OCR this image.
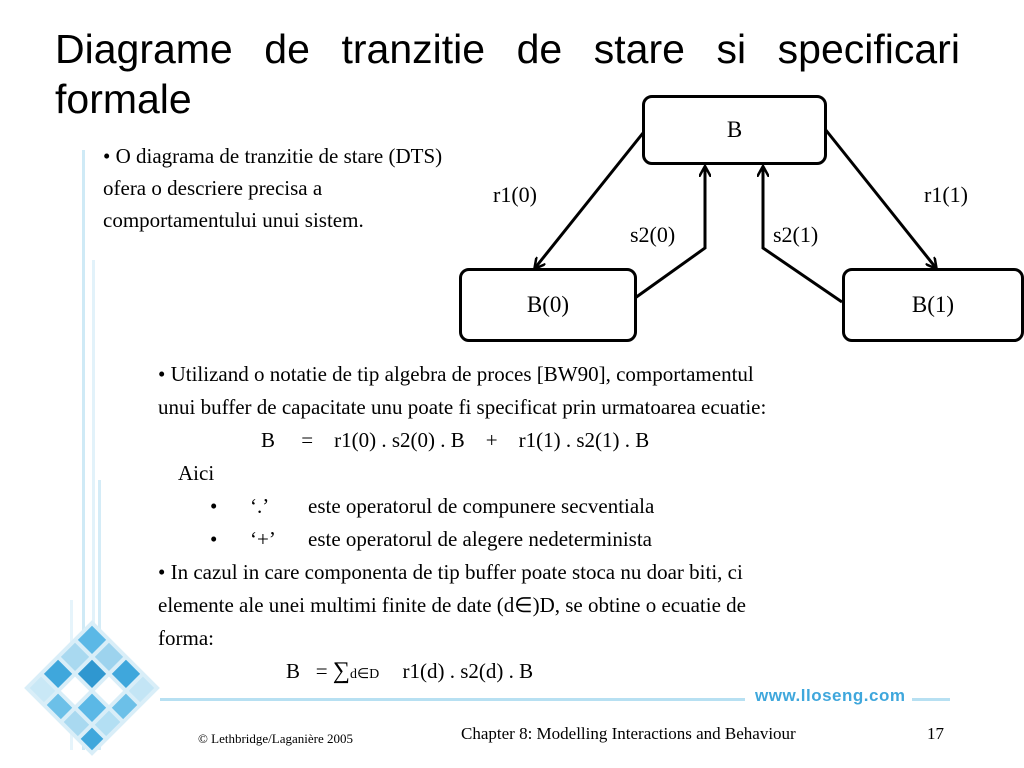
Diagrame de tranzitie de stare si specificari
formale
• O diagrama de tranzitie de stare (DTS) ofera o descriere precisa a comportamentului unui sistem.
B
B(0)	B(1)
r1(0)
s2(0)	s2(1)
r1(1)
• Utilizand o notatie de tip algebra de proces [BW90], comportamentul
unui buffer de capacitate unu poate fi specificat prin urmatoarea ecuatie:
B     =    r1(0) . s2(0) . B    +    r1(1) . s2(1) . B
Aici
• ‘.’ este operatorul de compunere secventiala
• ‘+’ este operatorul de alegere nedeterminista
• In cazul in care componenta de tip buffer poate stoca nu doar biti, ci
elemente ale unei multimi finite de date (d∈)D, se obtine o ecuatie de
forma:
B   = ∑d∈D r1(d) . s2(d) . B
www.lloseng.com
© Lethbridge/Laganière 2005	Chapter 8: Modelling Interactions and Behaviour	17
